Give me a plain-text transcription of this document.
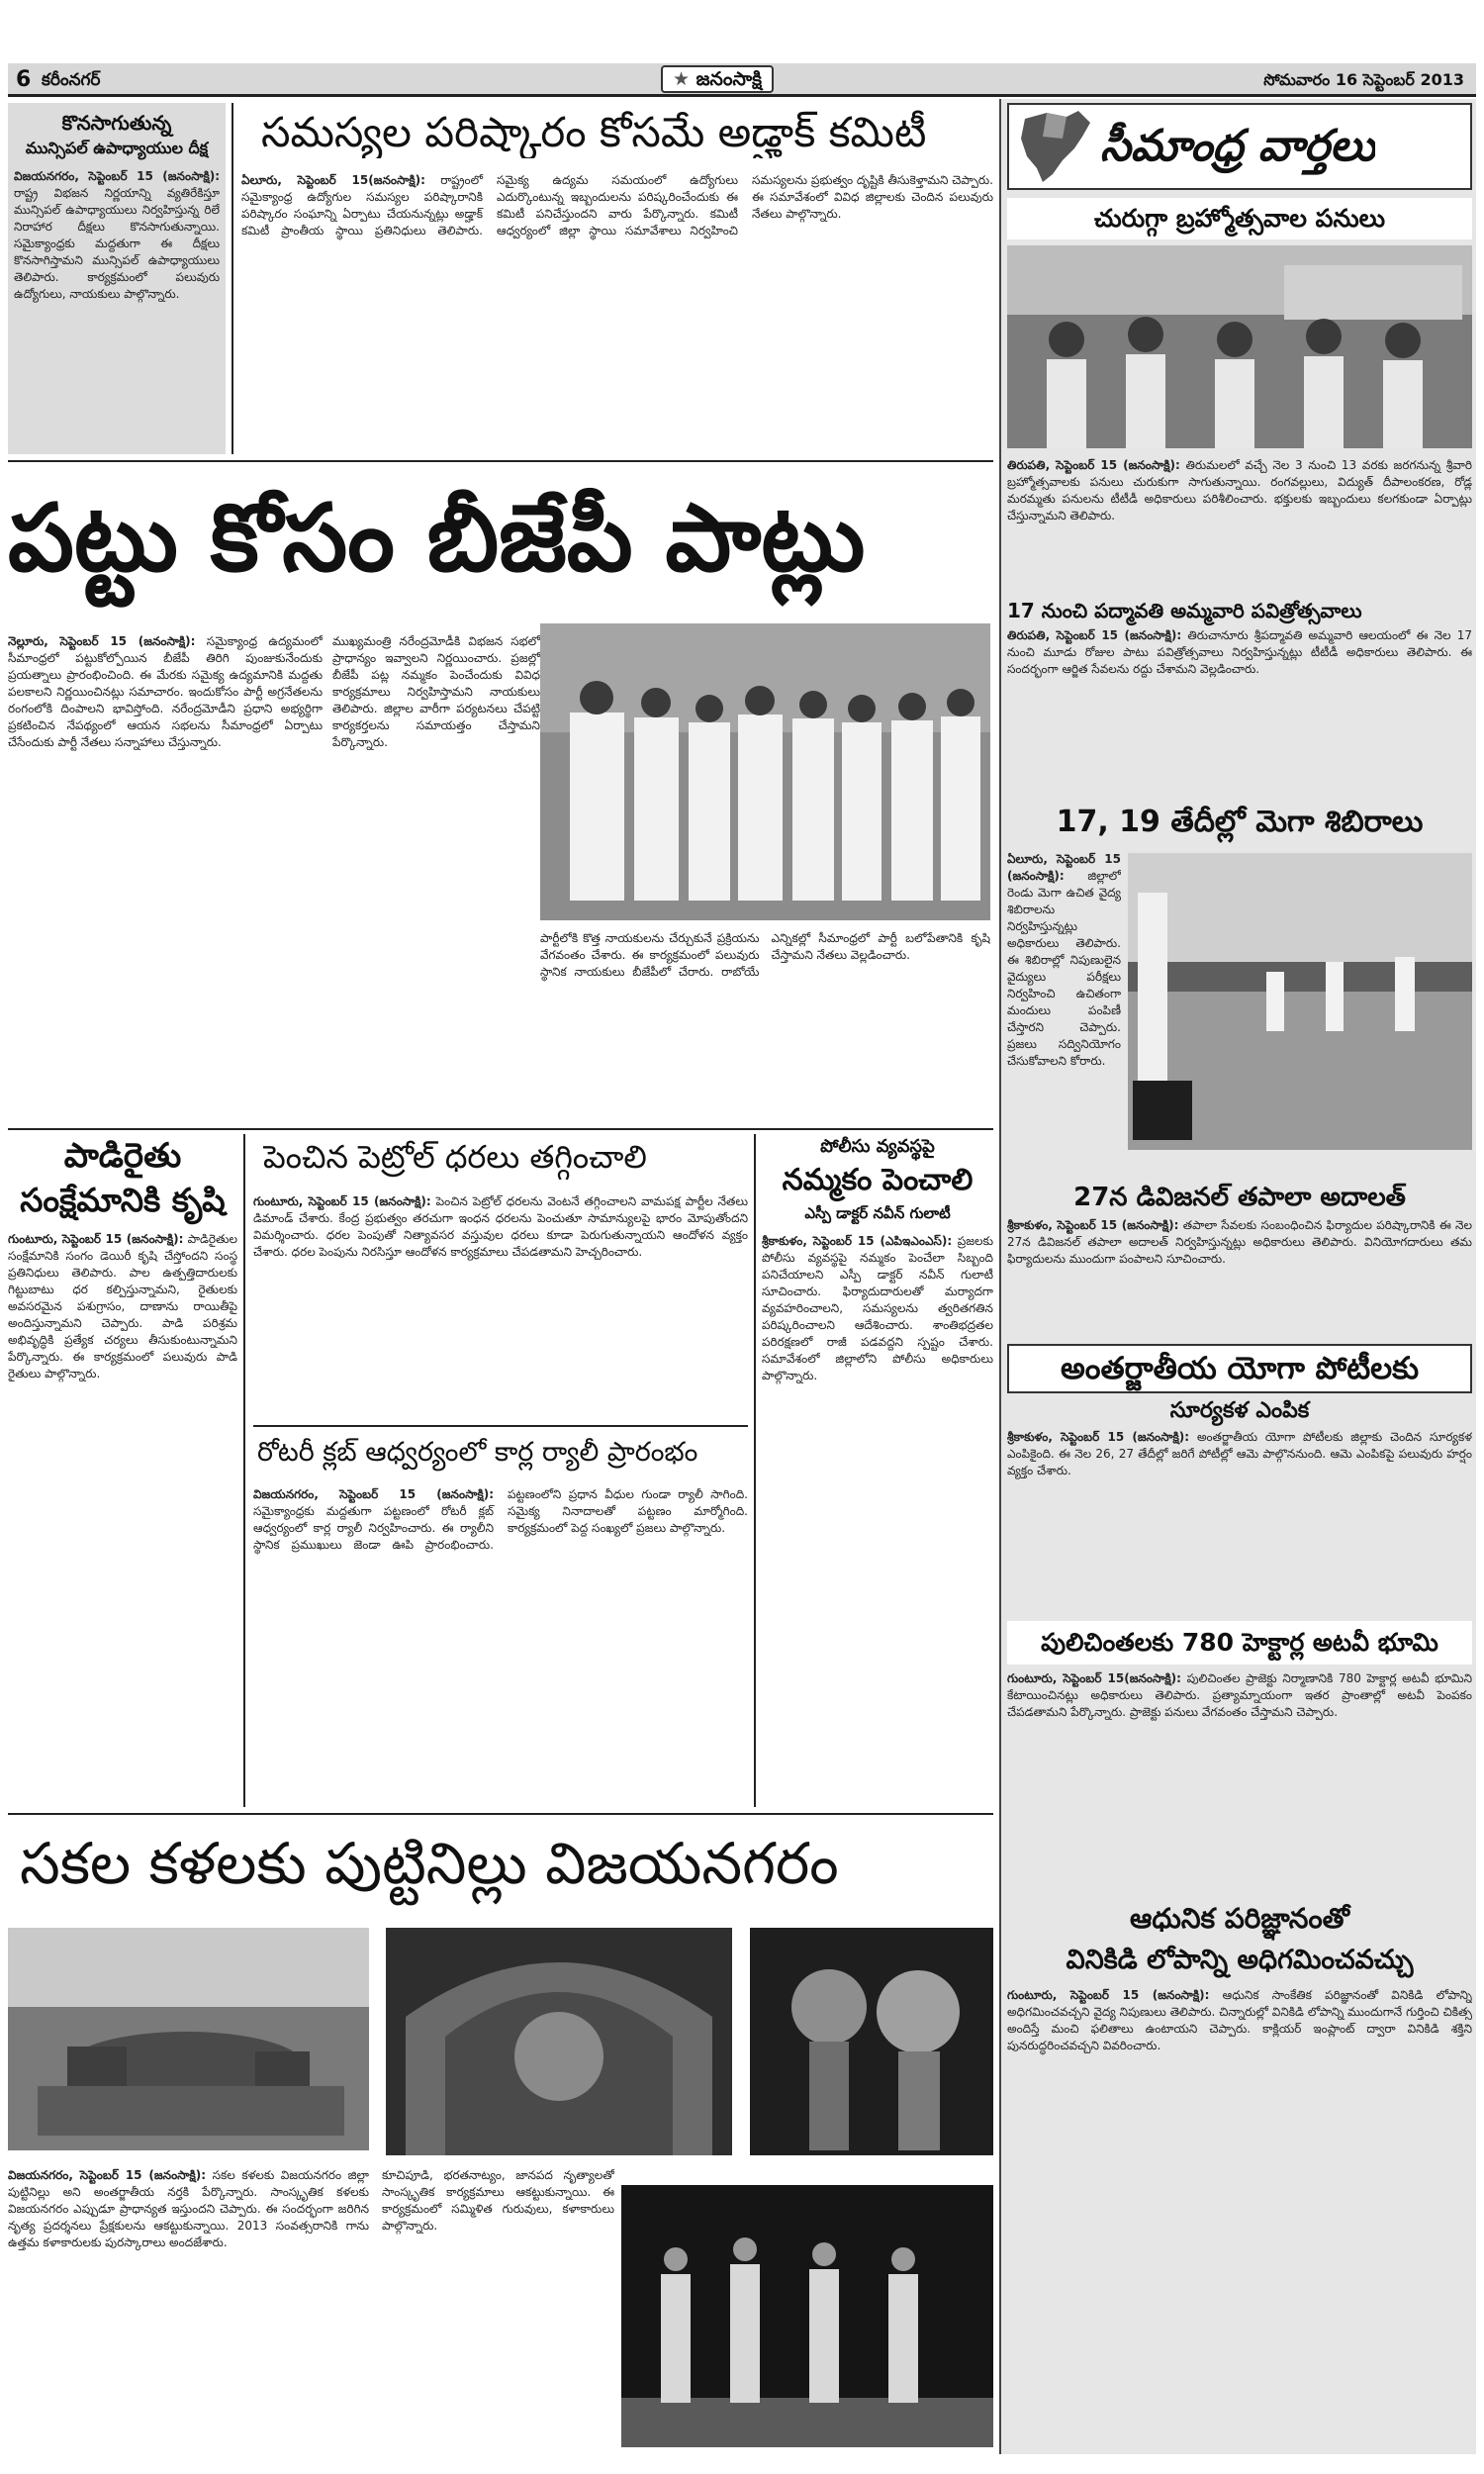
6 కరీంనగర్	★ జనంసాక్షి	సోమవారం 16 సెప్టెంబర్ 2013
కొనసాగుతున్న
మున్సిపల్ ఉపాధ్యాయుల దీక్ష
విజయనగరం, సెప్టెంబర్ 15 (జనంసాక్షి): రాష్ట్ర విభజన నిర్ణయాన్ని వ్యతిరేకిస్తూ మున్సిపల్ ఉపాధ్యాయులు నిర్వహిస్తున్న రిలే నిరాహార దీక్షలు కొనసాగుతున్నాయి. సమైక్యాంధ్రకు మద్దతుగా ఈ దీక్షలు కొనసాగిస్తామని మున్సిపల్ ఉపాధ్యాయులు తెలిపారు. కార్యక్రమంలో పలువురు ఉద్యోగులు, నాయకులు పాల్గొన్నారు.
సమస్యల పరిష్కారం కోసమే అడ్హాక్ కమిటీ
ఏలూరు, సెప్టెంబర్ 15(జనంసాక్షి): రాష్ట్రంలో సమైక్యాంధ్ర ఉద్యోగుల సమస్యల పరిష్కారానికి పరిష్కారం సంఘాన్ని ఏర్పాటు చేయనున్నట్లు అడ్హాక్ కమిటీ ప్రాంతీయ స్థాయి ప్రతినిధులు తెలిపారు. సమైక్య ఉద్యమ సమయంలో ఉద్యోగులు ఎదుర్కొంటున్న ఇబ్బందులను పరిష్కరించేందుకు ఈ కమిటీ పనిచేస్తుందని వారు పేర్కొన్నారు. కమిటీ ఆధ్వర్యంలో జిల్లా స్థాయి సమావేశాలు నిర్వహించి సమస్యలను ప్రభుత్వం దృష్టికి తీసుకెళ్తామని చెప్పారు. ఈ సమావేశంలో వివిధ జిల్లాలకు చెందిన పలువురు నేతలు పాల్గొన్నారు.
పట్టు కోసం బీజేపీ పాట్లు
నెల్లూరు, సెప్టెంబర్ 15 (జనంసాక్షి): సమైక్యాంధ్ర ఉద్యమంలో సీమాంధ్రలో పట్టుకోల్పోయిన బీజేపీ తిరిగి పుంజుకునేందుకు ప్రయత్నాలు ప్రారంభించింది. ఈ మేరకు సమైక్య ఉద్యమానికి మద్దతు పలకాలని నిర్ణయించినట్లు సమాచారం. ఇందుకోసం పార్టీ అగ్రనేతలను రంగంలోకి దింపాలని భావిస్తోంది. నరేంద్రమోడీని ప్రధాని అభ్యర్థిగా ప్రకటించిన నేపథ్యంలో ఆయన సభలను సీమాంధ్రలో ఏర్పాటు చేసేందుకు పార్టీ నేతలు సన్నాహాలు చేస్తున్నారు.
ముఖ్యమంత్రి నరేంద్రమోడీకి విభజన సభలో ప్రాధాన్యం ఇవ్వాలని నిర్ణయించారు. ప్రజల్లో బీజేపీ పట్ల నమ్మకం పెంచేందుకు వివిధ కార్యక్రమాలు నిర్వహిస్తామని నాయకులు తెలిపారు. జిల్లాల వారీగా పర్యటనలు చేపట్టి కార్యకర్తలను సమాయత్తం చేస్తామని పేర్కొన్నారు.
పార్టీలోకి కొత్త నాయకులను చేర్చుకునే ప్రక్రియను వేగవంతం చేశారు. ఈ కార్యక్రమంలో పలువురు స్థానిక నాయకులు బీజేపీలో చేరారు. రాబోయే ఎన్నికల్లో సీమాంధ్రలో పార్టీ బలోపేతానికి కృషి చేస్తామని నేతలు వెల్లడించారు.
పాడిరైతు
సంక్షేమానికి కృషి
గుంటూరు, సెప్టెంబర్ 15 (జనంసాక్షి): పాడిరైతుల సంక్షేమానికి సంగం డెయిరీ కృషి చేస్తోందని సంస్థ ప్రతినిధులు తెలిపారు. పాల ఉత్పత్తిదారులకు గిట్టుబాటు ధర కల్పిస్తున్నామని, రైతులకు అవసరమైన పశుగ్రాసం, దాణాను రాయితీపై అందిస్తున్నామని చెప్పారు. పాడి పరిశ్రమ అభివృద్ధికి ప్రత్యేక చర్యలు తీసుకుంటున్నామని పేర్కొన్నారు. ఈ కార్యక్రమంలో పలువురు పాడి రైతులు పాల్గొన్నారు.
పెంచిన పెట్రోల్ ధరలు తగ్గించాలి
గుంటూరు, సెప్టెంబర్ 15 (జనంసాక్షి): పెంచిన పెట్రోల్ ధరలను వెంటనే తగ్గించాలని వామపక్ష పార్టీల నేతలు డిమాండ్ చేశారు. కేంద్ర ప్రభుత్వం తరచుగా ఇంధన ధరలను పెంచుతూ సామాన్యులపై భారం మోపుతోందని విమర్శించారు. ధరల పెంపుతో నిత్యావసర వస్తువుల ధరలు కూడా పెరుగుతున్నాయని ఆందోళన వ్యక్తం చేశారు. ధరల పెంపును నిరసిస్తూ ఆందోళన కార్యక్రమాలు చేపడతామని హెచ్చరించారు.
రోటరీ క్లబ్ ఆధ్వర్యంలో కార్ల ర్యాలీ ప్రారంభం
విజయనగరం, సెప్టెంబర్ 15 (జనంసాక్షి): సమైక్యాంధ్రకు మద్దతుగా పట్టణంలో రోటరీ క్లబ్ ఆధ్వర్యంలో కార్ల ర్యాలీ నిర్వహించారు. ఈ ర్యాలీని స్థానిక ప్రముఖులు జెండా ఊపి ప్రారంభించారు. పట్టణంలోని ప్రధాన వీధుల గుండా ర్యాలీ సాగింది. సమైక్య నినాదాలతో పట్టణం మార్మోగింది. కార్యక్రమంలో పెద్ద సంఖ్యలో ప్రజలు పాల్గొన్నారు.
పోలీసు వ్యవస్థపై
నమ్మకం పెంచాలి
ఎస్పీ డాక్టర్ నవీన్ గులాటీ
శ్రీకాకుళం, సెప్టెంబర్ 15 (ఎపిఇఎంఎస్): ప్రజలకు పోలీసు వ్యవస్థపై నమ్మకం పెంచేలా సిబ్బంది పనిచేయాలని ఎస్పీ డాక్టర్ నవీన్ గులాటీ సూచించారు. ఫిర్యాదుదారులతో మర్యాదగా వ్యవహరించాలని, సమస్యలను త్వరితగతిన పరిష్కరించాలని ఆదేశించారు. శాంతిభద్రతల పరిరక్షణలో రాజీ పడవద్దని స్పష్టం చేశారు. సమావేశంలో జిల్లాలోని పోలీసు అధికారులు పాల్గొన్నారు.
సకల కళలకు పుట్టినిల్లు విజయనగరం
విజయనగరం, సెప్టెంబర్ 15 (జనంసాక్షి): సకల కళలకు విజయనగరం జిల్లా పుట్టినిల్లు అని అంతర్జాతీయ నర్తకి పేర్కొన్నారు. సాంస్కృతిక కళలకు విజయనగరం ఎప్పుడూ ప్రాధాన్యత ఇస్తుందని చెప్పారు. ఈ సందర్భంగా జరిగిన నృత్య ప్రదర్శనలు ప్రేక్షకులను ఆకట్టుకున్నాయి. 2013 సంవత్సరానికి గాను ఉత్తమ కళాకారులకు పురస్కారాలు అందజేశారు.
కూచిపూడి, భరతనాట్యం, జానపద నృత్యాలతో సాంస్కృతిక కార్యక్రమాలు ఆకట్టుకున్నాయి. ఈ కార్యక్రమంలో సమ్మిళిత గురువులు, కళాకారులు పాల్గొన్నారు.
సీమాంధ్ర వార్తలు
చురుగ్గా బ్రహ్మోత్సవాల పనులు
తిరుపతి, సెప్టెంబర్ 15 (జనంసాక్షి): తిరుమలలో వచ్చే నెల 3 నుంచి 13 వరకు జరగనున్న శ్రీవారి బ్రహ్మోత్సవాలకు పనులు చురుకుగా సాగుతున్నాయి. రంగవల్లులు, విద్యుత్ దీపాలంకరణ, రోడ్ల మరమ్మతు పనులను టీటీడీ అధికారులు పరిశీలించారు. భక్తులకు ఇబ్బందులు కలగకుండా ఏర్పాట్లు చేస్తున్నామని తెలిపారు.
17 నుంచి పద్మావతి అమ్మవారి పవిత్రోత్సవాలు
తిరుపతి, సెప్టెంబర్ 15 (జనంసాక్షి): తిరుచానూరు శ్రీపద్మావతి అమ్మవారి ఆలయంలో ఈ నెల 17 నుంచి మూడు రోజుల పాటు పవిత్రోత్సవాలు నిర్వహిస్తున్నట్లు టీటీడీ అధికారులు తెలిపారు. ఈ సందర్భంగా ఆర్జిత సేవలను రద్దు చేశామని వెల్లడించారు.
17, 19 తేదీల్లో మెగా శిబిరాలు
ఏలూరు, సెప్టెంబర్ 15 (జనంసాక్షి): జిల్లాలో రెండు మెగా ఉచిత వైద్య శిబిరాలను నిర్వహిస్తున్నట్లు అధికారులు తెలిపారు. ఈ శిబిరాల్లో నిపుణులైన వైద్యులు పరీక్షలు నిర్వహించి ఉచితంగా మందులు పంపిణీ చేస్తారని చెప్పారు. ప్రజలు సద్వినియోగం చేసుకోవాలని కోరారు.
27న డివిజనల్ తపాలా అదాలత్
శ్రీకాకుళం, సెప్టెంబర్ 15 (జనంసాక్షి): తపాలా సేవలకు సంబంధించిన ఫిర్యాదుల పరిష్కారానికి ఈ నెల 27న డివిజనల్ తపాలా అదాలత్ నిర్వహిస్తున్నట్లు అధికారులు తెలిపారు. వినియోగదారులు తమ ఫిర్యాదులను ముందుగా పంపాలని సూచించారు.
అంతర్జాతీయ యోగా పోటీలకు
సూర్యకళ ఎంపిక
శ్రీకాకుళం, సెప్టెంబర్ 15 (జనంసాక్షి): అంతర్జాతీయ యోగా పోటీలకు జిల్లాకు చెందిన సూర్యకళ ఎంపికైంది. ఈ నెల 26, 27 తేదీల్లో జరిగే పోటీల్లో ఆమె పాల్గొననుంది. ఆమె ఎంపికపై పలువురు హర్షం వ్యక్తం చేశారు.
పులిచింతలకు 780 హెక్టార్ల అటవీ భూమి
గుంటూరు, సెప్టెంబర్ 15(జనంసాక్షి): పులిచింతల ప్రాజెక్టు నిర్మాణానికి 780 హెక్టార్ల అటవీ భూమిని కేటాయించినట్లు అధికారులు తెలిపారు. ప్రత్యామ్నాయంగా ఇతర ప్రాంతాల్లో అటవీ పెంపకం చేపడతామని పేర్కొన్నారు. ప్రాజెక్టు పనులు వేగవంతం చేస్తామని చెప్పారు.
ఆధునిక పరిజ్ఞానంతో
వినికిడి లోపాన్ని అధిగమించవచ్చు
గుంటూరు, సెప్టెంబర్ 15 (జనంసాక్షి): ఆధునిక సాంకేతిక పరిజ్ఞానంతో వినికిడి లోపాన్ని అధిగమించవచ్చని వైద్య నిపుణులు తెలిపారు. చిన్నారుల్లో వినికిడి లోపాన్ని ముందుగానే గుర్తించి చికిత్స అందిస్తే మంచి ఫలితాలు ఉంటాయని చెప్పారు. కాక్లియర్ ఇంప్లాంట్ ద్వారా వినికిడి శక్తిని పునరుద్ధరించవచ్చని వివరించారు.
